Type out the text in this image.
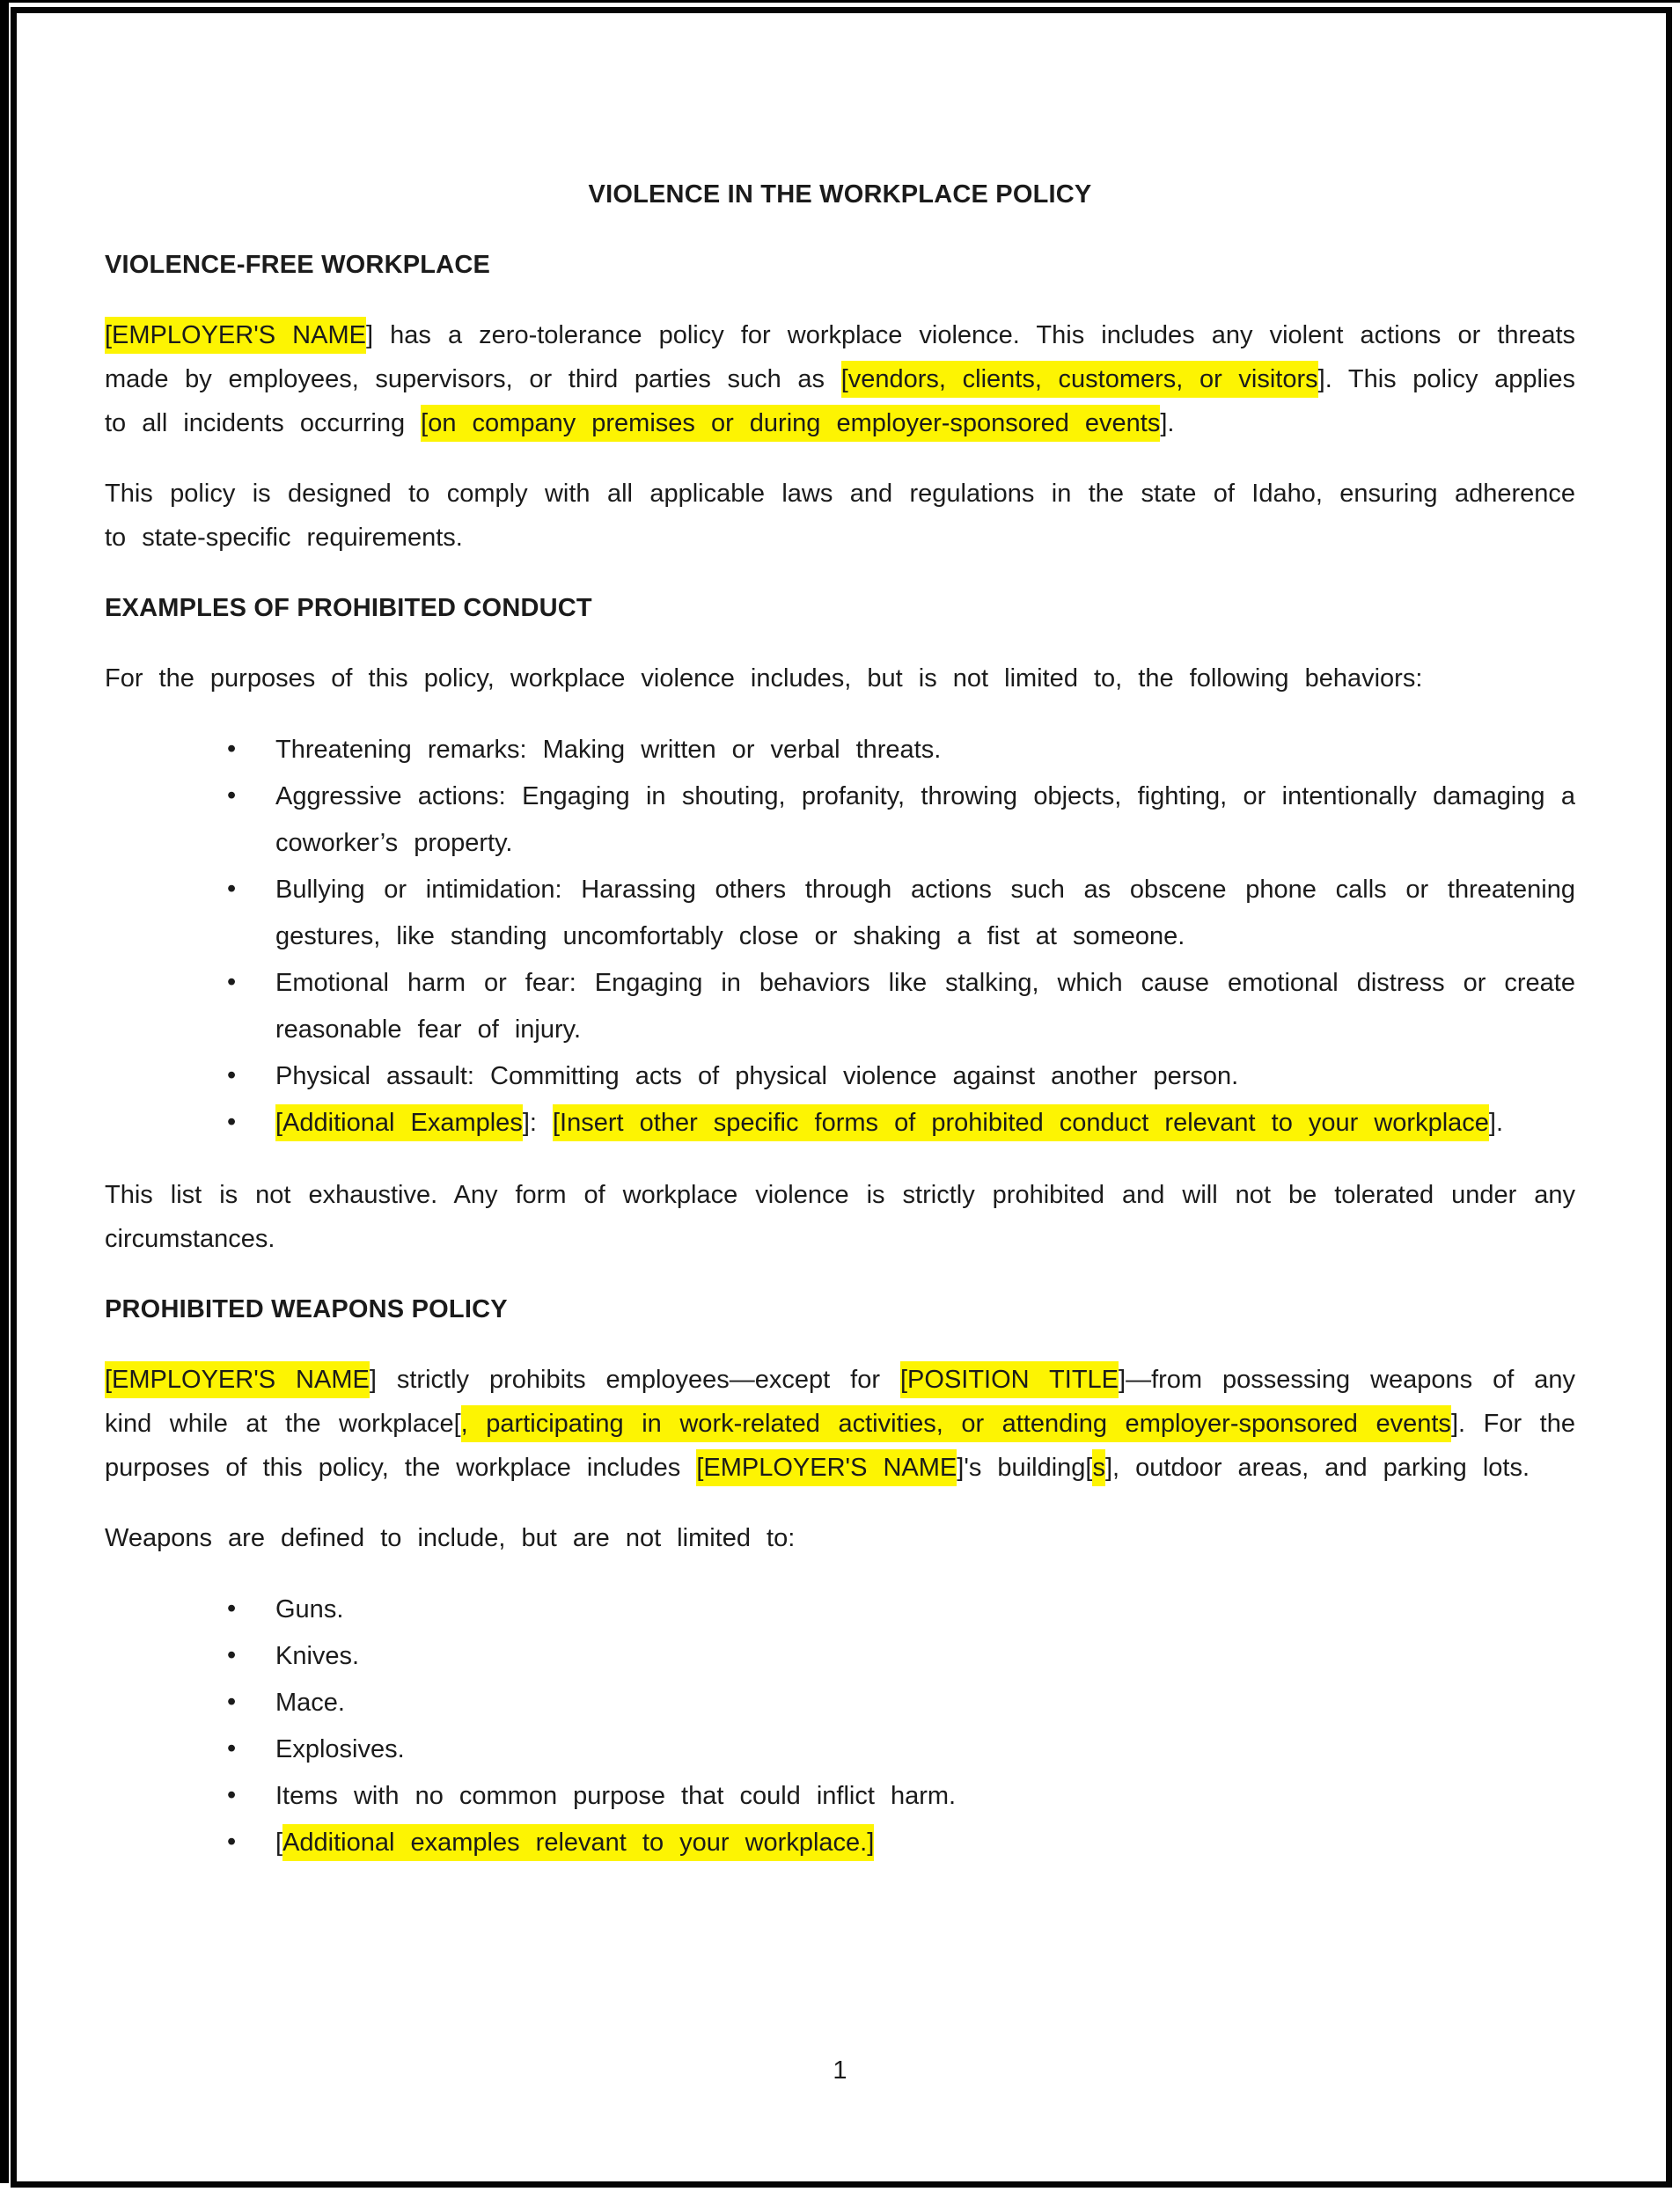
VIOLENCE IN THE WORKPLACE POLICY
VIOLENCE-FREE WORKPLACE

[EMPLOYER'S NAME] has a zero-tolerance policy for workplace violence. This includes any violent actions or threats made by employees, supervisors, or third parties such as [vendors, clients, customers, or visitors]. This policy applies to all incidents occurring [on company premises or during employer-sponsored events].

This policy is designed to comply with all applicable laws and regulations in the state of Idaho, ensuring adherence to state-specific requirements.

EXAMPLES OF PROHIBITED CONDUCT

For the purposes of this policy, workplace violence includes, but is not limited to, the following behaviors:

• Threatening remarks: Making written or verbal threats.
• Aggressive actions: Engaging in shouting, profanity, throwing objects, fighting, or intentionally damaging a coworker’s property.
• Bullying or intimidation: Harassing others through actions such as obscene phone calls or threatening gestures, like standing uncomfortably close or shaking a fist at someone.
• Emotional harm or fear: Engaging in behaviors like stalking, which cause emotional distress or create reasonable fear of injury.
• Physical assault: Committing acts of physical violence against another person.
• [Additional Examples]: [Insert other specific forms of prohibited conduct relevant to your workplace].

This list is not exhaustive. Any form of workplace violence is strictly prohibited and will not be tolerated under any circumstances.

PROHIBITED WEAPONS POLICY

[EMPLOYER'S NAME] strictly prohibits employees—except for [POSITION TITLE]—from possessing weapons of any kind while at the workplace[, participating in work-related activities, or attending employer-sponsored events]. For the purposes of this policy, the workplace includes [EMPLOYER'S NAME]'s building[s], outdoor areas, and parking lots.

Weapons are defined to include, but are not limited to:

• Guns.
• Knives.
• Mace.
• Explosives.
• Items with no common purpose that could inflict harm.
• [Additional examples relevant to your workplace.]
1
